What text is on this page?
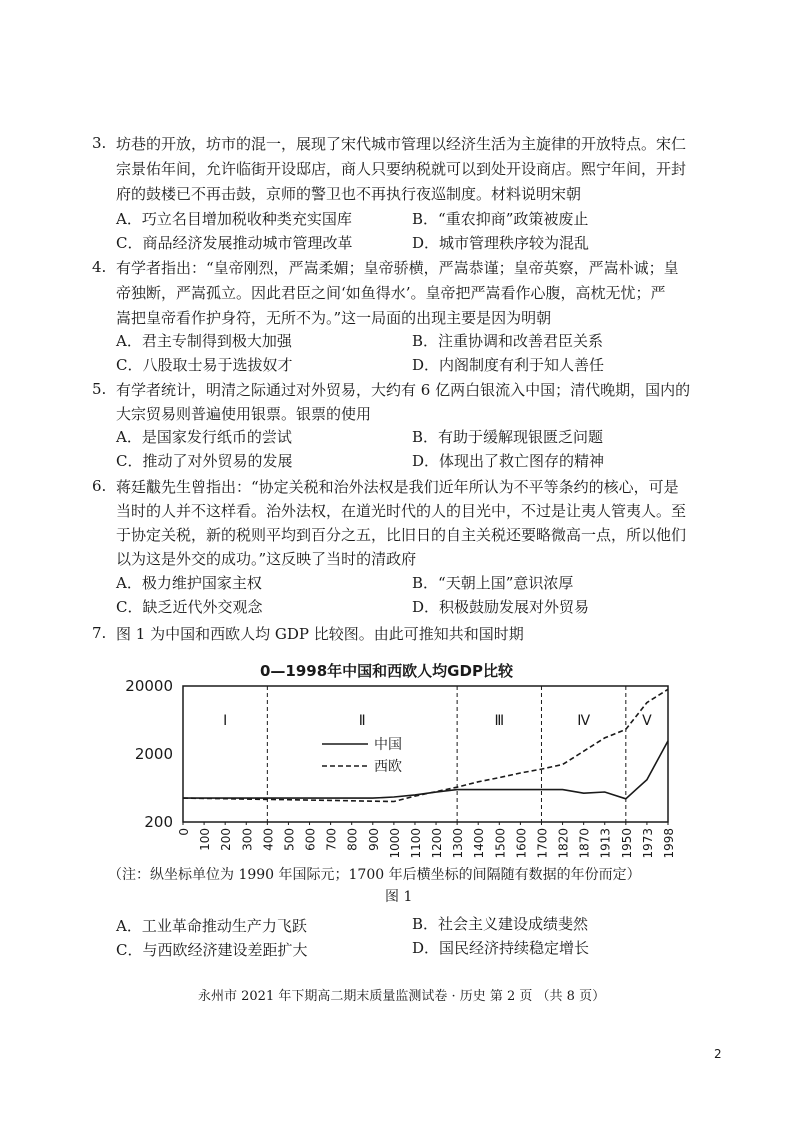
3. 坊巷的开放，坊市的混一，展现了宋代城市管理以经济生活为主旋律的开放特点。宋仁
宗景佑年间，允许临街开设邸店，商人只要纳税就可以到处开设商店。熙宁年间，开封
府的鼓楼已不再击鼓，京师的警卫也不再执行夜巡制度。材料说明宋朝
A．巧立名目增加税收种类充实国库	B．“重农抑商”政策被废止
C．商品经济发展推动城市管理改革	D．城市管理秩序较为混乱
4. 有学者指出：“皇帝刚烈，严嵩柔媚；皇帝骄横，严嵩恭谨；皇帝英察，严嵩朴诚；皇
帝独断，严嵩孤立。因此君臣之间‘如鱼得水’。皇帝把严嵩看作心腹，高枕无忧；严
嵩把皇帝看作护身符，无所不为。”这一局面的出现主要是因为明朝
A．君主专制得到极大加强	B．注重协调和改善君臣关系
C．八股取士易于选拔奴才	D．内阁制度有利于知人善任
5. 有学者统计，明清之际通过对外贸易，大约有 6 亿两白银流入中国；清代晚期，国内的
大宗贸易则普遍使用银票。银票的使用
A．是国家发行纸币的尝试	B．有助于缓解现银匮乏问题
C．推动了对外贸易的发展	D．体现出了救亡图存的精神
6. 蒋廷黻先生曾指出：“协定关税和治外法权是我们近年所认为不平等条约的核心，可是
当时的人并不这样看。治外法权，在道光时代的人的目光中，不过是让夷人管夷人。至
于协定关税，新的税则平均到百分之五，比旧日的自主关税还要略微高一点，所以他们
以为这是外交的成功。”这反映了当时的清政府
A．极力维护国家主权	B．“天朝上国”意识浓厚
C．缺乏近代外交观念	D．积极鼓励发展对外贸易
7. 图 1 为中国和西欧人均 GDP 比较图。由此可推知共和国时期
0—1998年中国和西欧人均GDP比较
20000
2000
200
0 100 200 300 400 500 600 700 800 900 1000 1100 1200 1300 1400 1500 1600 1700 1820 1870 1913 1950 1973 1998
Ⅰ	Ⅱ	Ⅲ	Ⅳ	Ⅴ
中国
西欧
（注：纵坐标单位为 1990 年国际元；1700 年后横坐标的间隔随有数据的年份而定）
图 1
A．工业革命推动生产力飞跃	B．社会主义建设成绩斐然
C．与西欧经济建设差距扩大	D．国民经济持续稳定增长
永州市 2021 年下期高二期末质量监测试卷 · 历史 第 2 页 （共 8 页）
2
